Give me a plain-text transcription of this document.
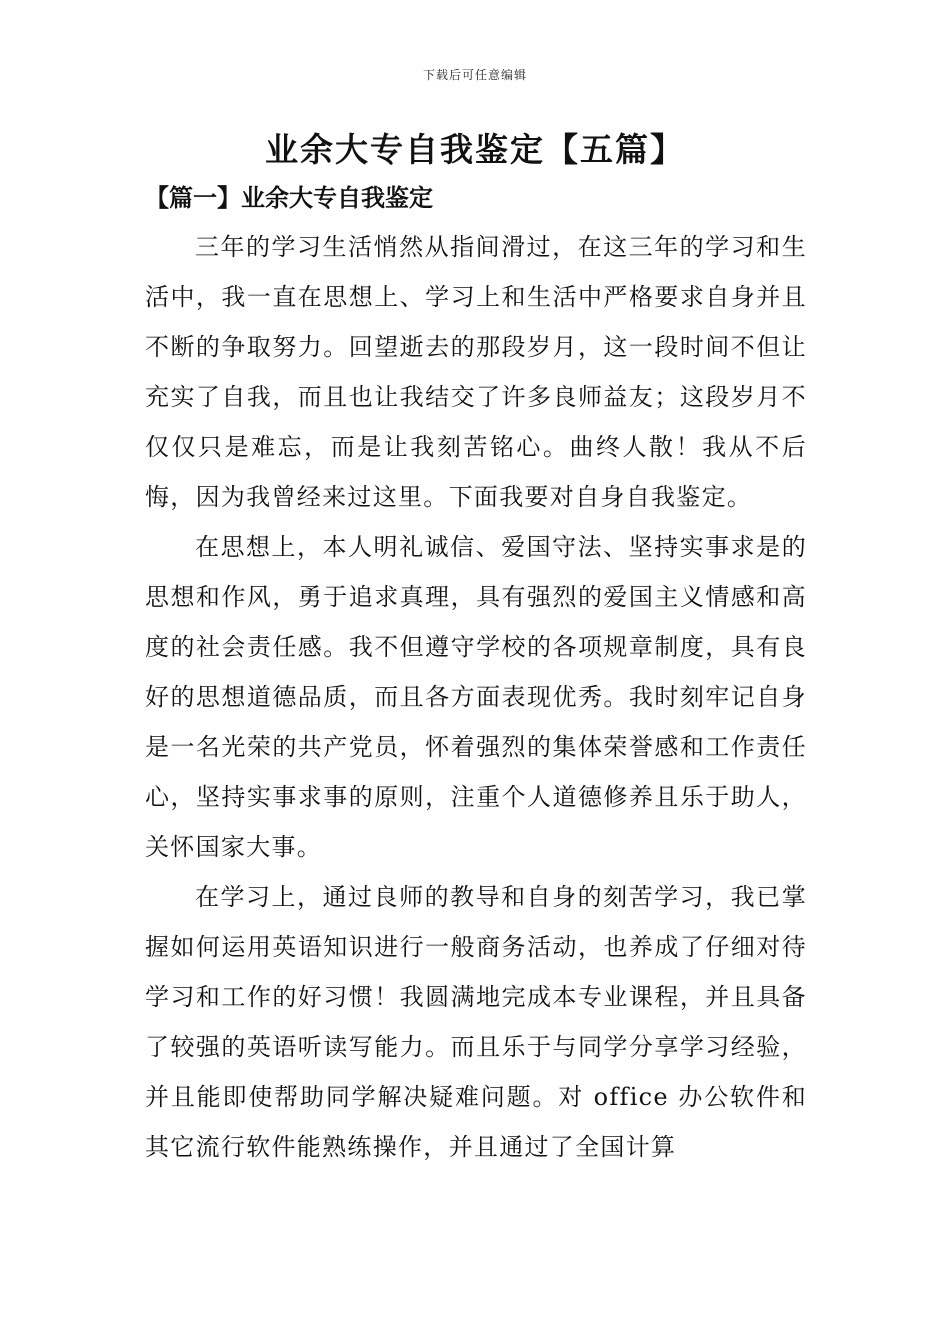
下载后可任意编辑
业余大专自我鉴定【五篇】
【篇一】业余大专自我鉴定

三年的学习生活悄然从指间滑过，在这三年的学习和生活中，我一直在思想上、学习上和生活中严格要求自身并且不断的争取努力。回望逝去的那段岁月，这一段时间不但让充实了自我，而且也让我结交了许多良师益友；这段岁月不仅仅只是难忘，而是让我刻苦铭心。曲终人散！我从不后悔，因为我曾经来过这里。下面我要对自身自我鉴定。

在思想上，本人明礼诚信、爱国守法、坚持实事求是的思想和作风，勇于追求真理，具有强烈的爱国主义情感和高度的社会责任感。我不但遵守学校的各项规章制度，具有良好的思想道德品质，而且各方面表现优秀。我时刻牢记自身是一名光荣的共产党员，怀着强烈的集体荣誉感和工作责任心，坚持实事求事的原则，注重个人道德修养且乐于助人，关怀国家大事。

在学习上，通过良师的教导和自身的刻苦学习，我已掌握如何运用英语知识进行一般商务活动，也养成了仔细对待学习和工作的好习惯！我圆满地完成本专业课程，并且具备了较强的英语听读写能力。而且乐于与同学分享学习经验，并且能即使帮助同学解决疑难问题。对 office 办公软件和其它流行软件能熟练操作，并且通过了全国计算
